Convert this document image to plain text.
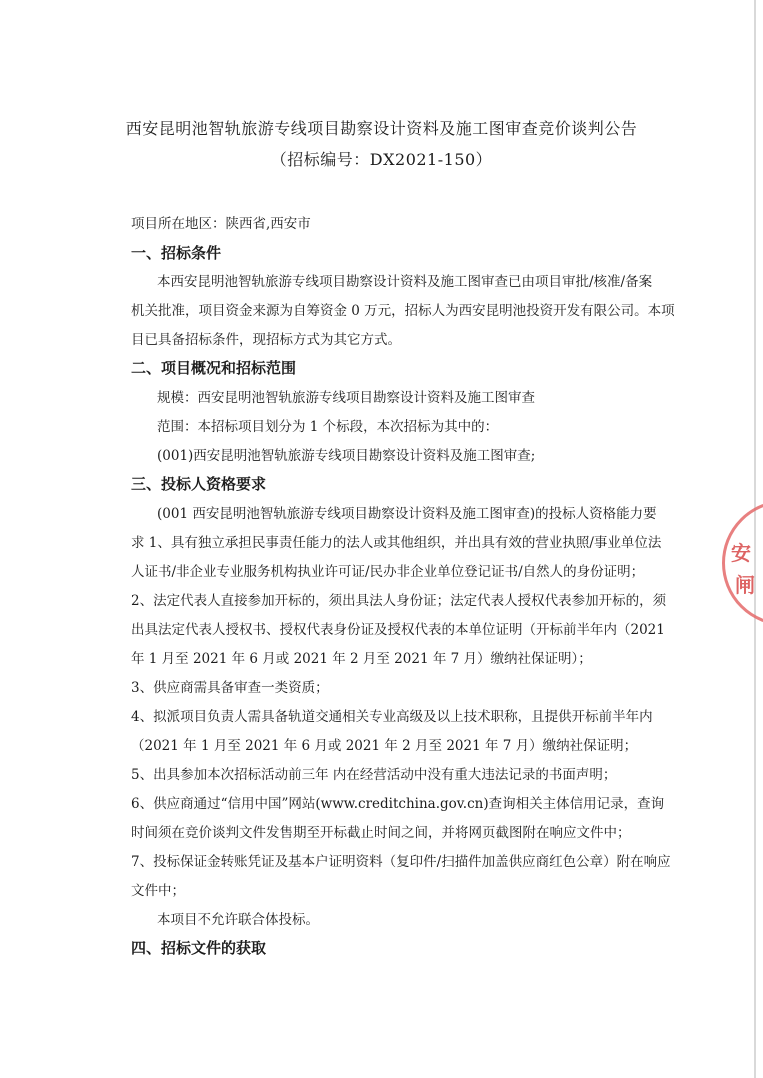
西安昆明池智轨旅游专线项目勘察设计资料及施工图审查竞价谈判公告
（招标编号：DX2021-150）
项目所在地区：陕西省,西安市
一、招标条件
本西安昆明池智轨旅游专线项目勘察设计资料及施工图审查已由项目审批/核准/备案
机关批准，项目资金来源为自筹资金 0 万元，招标人为西安昆明池投资开发有限公司。本项
目已具备招标条件，现招标方式为其它方式。
二、项目概况和招标范围
规模：西安昆明池智轨旅游专线项目勘察设计资料及施工图审查
范围：本招标项目划分为 1 个标段，本次招标为其中的：
(001)西安昆明池智轨旅游专线项目勘察设计资料及施工图审查;
三、投标人资格要求
(001 西安昆明池智轨旅游专线项目勘察设计资料及施工图审查)的投标人资格能力要
求 1、具有独立承担民事责任能力的法人或其他组织，并出具有效的营业执照/事业单位法
人证书/非企业专业服务机构执业许可证/民办非企业单位登记证书/自然人的身份证明；
2、法定代表人直接参加开标的，须出具法人身份证；法定代表人授权代表参加开标的，须
出具法定代表人授权书、授权代表身份证及授权代表的本单位证明（开标前半年内（2021
年 1 月至 2021 年 6 月或 2021 年 2 月至 2021 年 7 月）缴纳社保证明）；
3、供应商需具备审查一类资质；
4、拟派项目负责人需具备轨道交通相关专业高级及以上技术职称，且提供开标前半年内
（2021 年 1 月至 2021 年 6 月或 2021 年 2 月至 2021 年 7 月）缴纳社保证明；
5、出具参加本次招标活动前三年 内在经营活动中没有重大违法记录的书面声明；
6、供应商通过“信用中国”网站(www.creditchina.gov.cn)查询相关主体信用记录，查询
时间须在竞价谈判文件发售期至开标截止时间之间，并将网页截图附在响应文件中；
7、投标保证金转账凭证及基本户证明资料（复印件/扫描件加盖供应商红色公章）附在响应
文件中；
本项目不允许联合体投标。
四、招标文件的获取
安
闸
